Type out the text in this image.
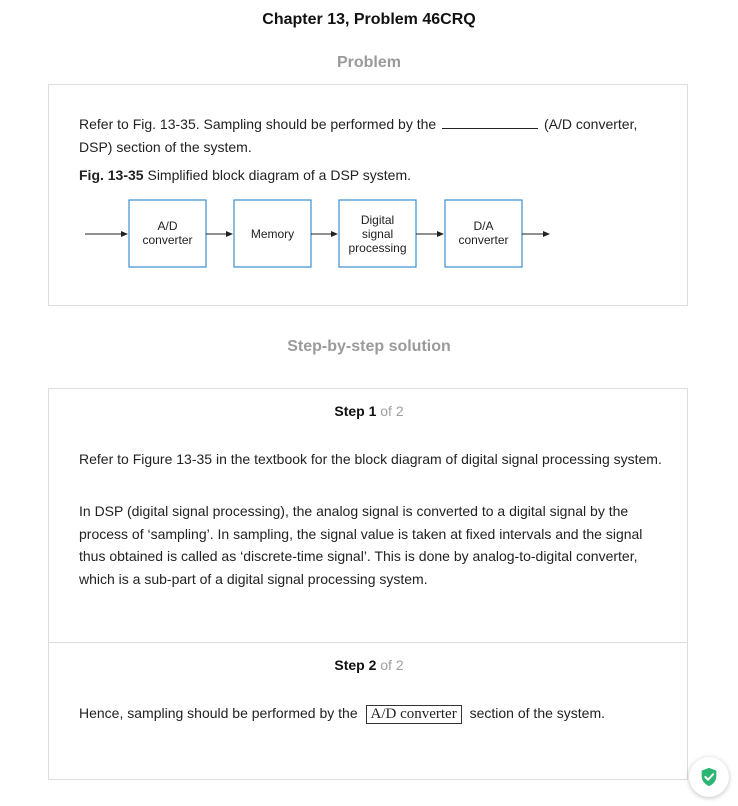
Chapter 13, Problem 46CRQ
Problem

Refer to Fig. 13-35. Sampling should be performed by the	(A/D converter, DSP) section of the system.

Fig. 13-35 Simplified block diagram of a DSP system.

A/D
converter	Memory
Digital
signal
processing
D/A
converter
Step-by-step solution
Step 1 of 2

Refer to Figure 13-35 in the textbook for the block diagram of digital signal processing system.

In DSP (digital signal processing), the analog signal is converted to a digital signal by the process of ‘sampling’. In sampling, the signal value is taken at fixed intervals and the signal thus obtained is called as ‘discrete-time signal’. This is done by analog-to-digital converter, which is a sub-part of a digital signal processing system.

Step 2 of 2

Hence, sampling should be performed by the A/D converter section of the system.
